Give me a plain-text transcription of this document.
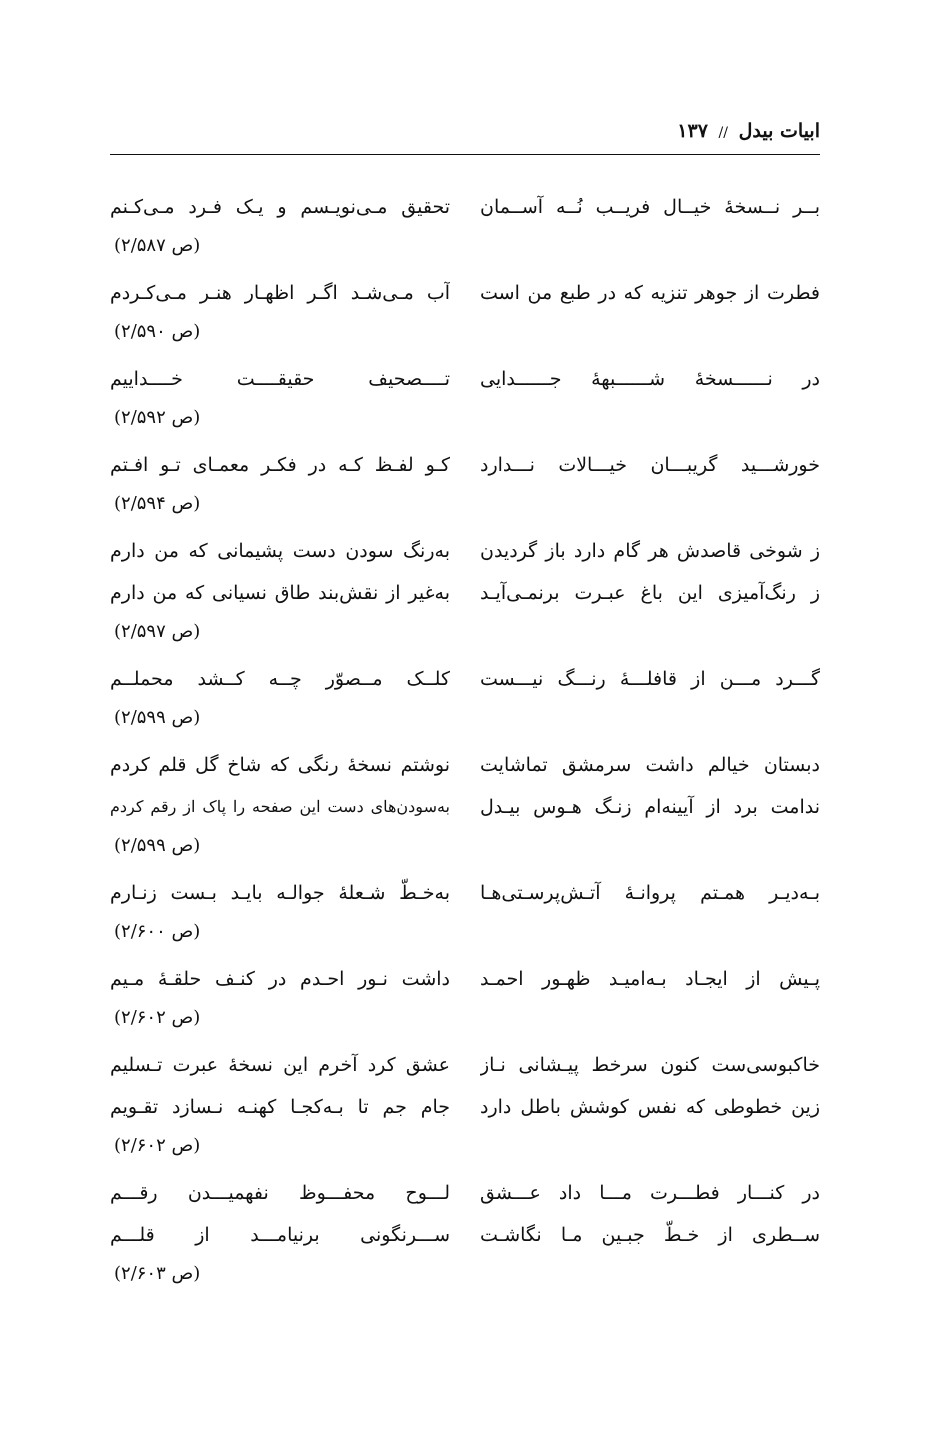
ابیات بیدل // ۱۳۷
بــر نــسخۀ خیــال فریــب نُــه آســمان
تحقیق مـی‌نویـسم و یـک فـرد مـی‌کـنم
(ص ۲/۵۸۷)
فطرت از جوهر تنزیه که در طبع من است
آب مـی‌شـد اگـر اظهـار هنـر مـی‌کـردم
(ص ۲/۵۹۰)
در نــــــسخۀ شــــــبهۀ جــــــدایی
تــــصحیف حقیقــــت خــــداییم
(ص ۲/۵۹۲)
خورشـــید گریبـــان خیـــالات نـــدارد
کـو لفـظ کـه در فکـر معمـای تـو افـتم
(ص ۲/۵۹۴)
ز شوخی قاصدش هر گام دارد باز گردیدن
به‌رنگ سودن دست پشیمانی که من دارم
ز رنگ‌آمیزی این باغ عبـرت برنمـی‌آیـد
به‌غیر از نقش‌بند طاق نسیانی که من دارم
(ص ۲/۵۹۷)
گـــرد مـــن از قافلـــۀ رنـــگ نیـــست
کلــک مــصوّر چــه کــشد محملــم
(ص ۲/۵۹۹)
دبستان خیالم داشت سرمشق تماشایت
نوشتم نسخۀ رنگی که شاخ گل قلم کردم
ندامت برد از آیینه‌ام زنـگ هـوس بیـدل
به‌سودن‌های دست این صفحه را پاک از رقم کردم
(ص ۲/۵۹۹)
بـه‌دیـر همـتم پروانـۀ آتـش‌پرسـتی‌هـا
به‌خـطّ شـعلۀ جوالـه بایـد بـست زنـارم
(ص ۲/۶۰۰)
پـیش از ایجـاد بـه‌امیـد ظهـور احمـد
داشت نـور احـدم در کنـف حلقـۀ مـیم
(ص ۲/۶۰۲)
خاکبوسی‌ست کنون سرخط پیـشانی نـاز
عشق کرد آخرم این نسخۀ عبرت تـسلیم
زین خطوطی که نفس کوشش باطل دارد
جام جم تا بـه‌کجـا کهنـه نـسازد تقـویم
(ص ۲/۶۰۲)
در کنـــار فطـــرت مـــا داد عـــشق
لـــوح محفـــوظ نفهمیـــدن رقـــم
ســطری از خـطّ جبـین مـا نگاشـت
ســـرنگونی برنیامـــد از قلـــم
(ص ۲/۶۰۳)
